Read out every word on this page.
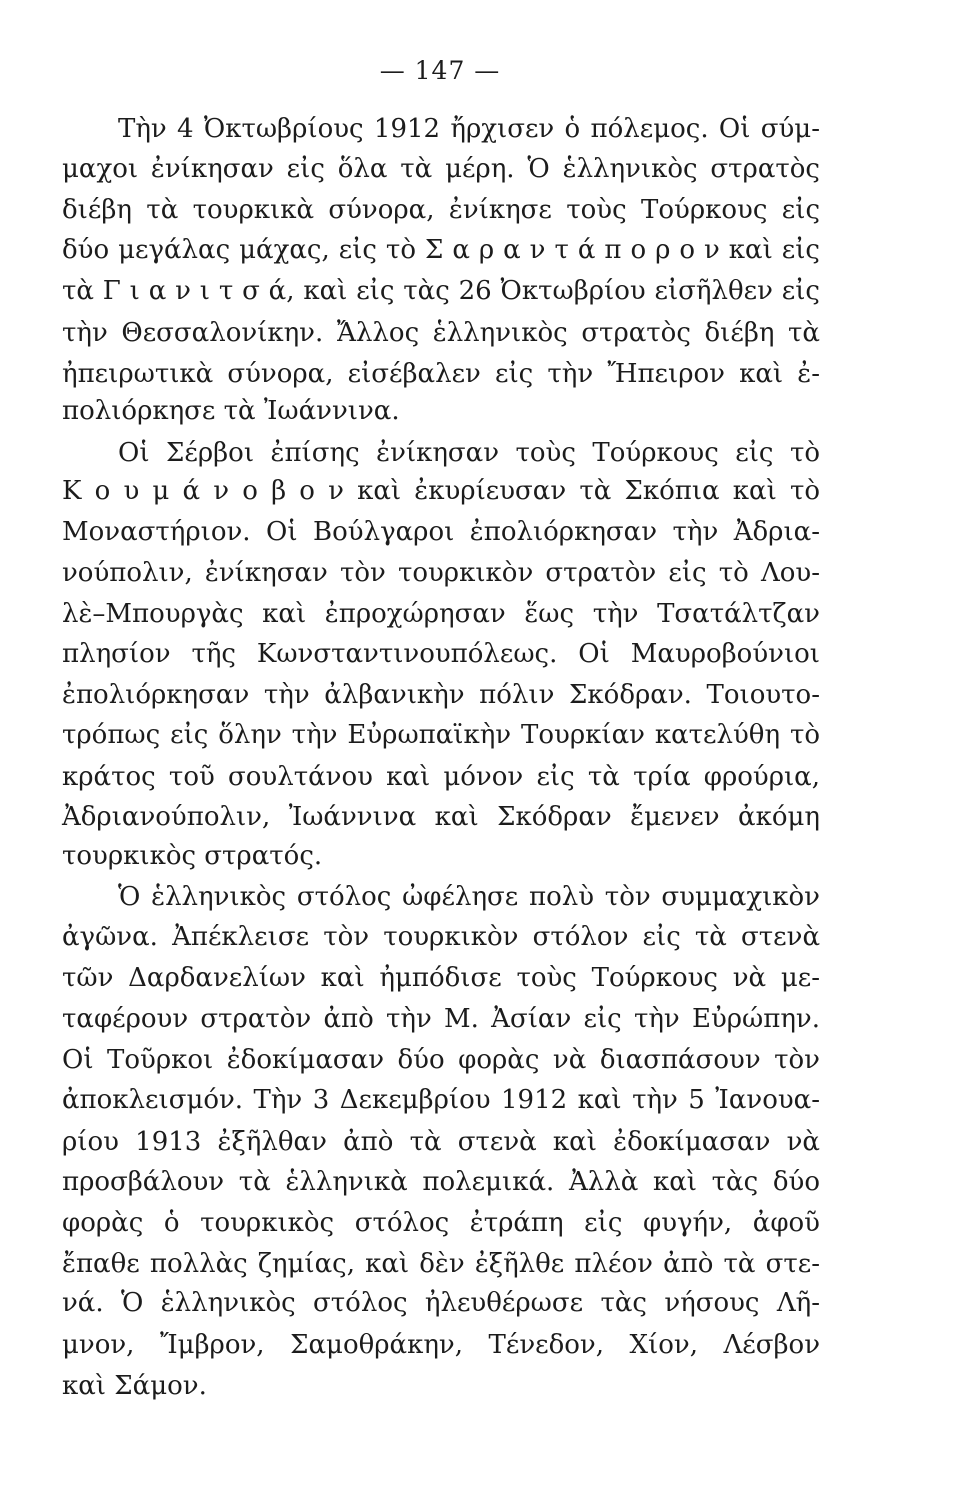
— 147 —
Τὴν 4 Ὀκτωβρίους 1912 ἤρχισεν ὁ πόλεμος. Οἱ σύμ-
μαχοι ἐνίκησαν εἰς ὅλα τὰ μέρη. Ὁ ἑλληνικὸς στρατὸς
διέβη τὰ τουρκικὰ σύνορα, ἐνίκησε τοὺς Τούρκους εἰς
δύο μεγάλας μάχας, εἰς τὸ Σ α ρ α ν τ ά π ο ρ ο ν καὶ εἰς
τὰ Γ ι α ν ι τ σ ά, καὶ εἰς τὰς 26 Ὀκτωβρίου εἰσῆλθεν εἰς
τὴν Θεσσαλονίκην. Ἄλλος ἑλληνικὸς στρατὸς διέβη τὰ
ἠπειρωτικὰ σύνορα, εἰσέβαλεν εἰς τὴν Ἤπειρον καὶ ἐ-
πολιόρκησε τὰ Ἰωάννινα.
Οἱ Σέρβοι ἐπίσης ἐνίκησαν τοὺς Τούρκους εἰς τὸ
Κ ο υ μ ά ν ο β ο ν καὶ ἐκυρίευσαν τὰ Σκόπια καὶ τὸ
Μοναστήριον. Οἱ Βούλγαροι ἐπολιόρκησαν τὴν Ἀδρια-
νούπολιν, ἐνίκησαν τὸν τουρκικὸν στρατὸν εἰς τὸ Λου-
λὲ–Μπουργὰς καὶ ἐπροχώρησαν ἕως τὴν Τσατάλτζαν
πλησίον τῆς Κωνσταντινουπόλεως. Οἱ Μαυροβούνιοι
ἐπολιόρκησαν τὴν ἀλβανικὴν πόλιν Σκόδραν. Τοιουτο-
τρόπως εἰς ὅλην τὴν Εὐρωπαϊκὴν Τουρκίαν κατελύθη τὸ
κράτος τοῦ σουλτάνου καὶ μόνον εἰς τὰ τρία φρούρια,
Ἀδριανούπολιν, Ἰωάννινα καὶ Σκόδραν ἔμενεν ἀκόμη
τουρκικὸς στρατός.
Ὁ ἑλληνικὸς στόλος ὠφέλησε πολὺ τὸν συμμαχικὸν
ἀγῶνα. Ἀπέκλεισε τὸν τουρκικὸν στόλον εἰς τὰ στενὰ
τῶν Δαρδανελίων καὶ ἠμπόδισε τοὺς Τούρκους νὰ με-
ταφέρουν στρατὸν ἀπὸ τὴν Μ. Ἀσίαν εἰς τὴν Εὐρώπην.
Οἱ Τοῦρκοι ἐδοκίμασαν δύο φορὰς νὰ διασπάσουν τὸν
ἀποκλεισμόν. Τὴν 3 Δεκεμβρίου 1912 καὶ τὴν 5 Ἰανουα-
ρίου 1913 ἐξῆλθαν ἀπὸ τὰ στενὰ καὶ ἐδοκίμασαν νὰ
προσβάλουν τὰ ἑλληνικὰ πολεμικά. Ἀλλὰ καὶ τὰς δύο
φορὰς ὁ τουρκικὸς στόλος ἐτράπη εἰς φυγήν, ἀφοῦ
ἔπαθε πολλὰς ζημίας, καὶ δὲν ἐξῆλθε πλέον ἀπὸ τὰ στε-
νά. Ὁ ἑλληνικὸς στόλος ἠλευθέρωσε τὰς νήσους Λῆ-
μνον, Ἴμβρον, Σαμοθράκην, Τένεδον, Χίον, Λέσβον
καὶ Σάμον.
